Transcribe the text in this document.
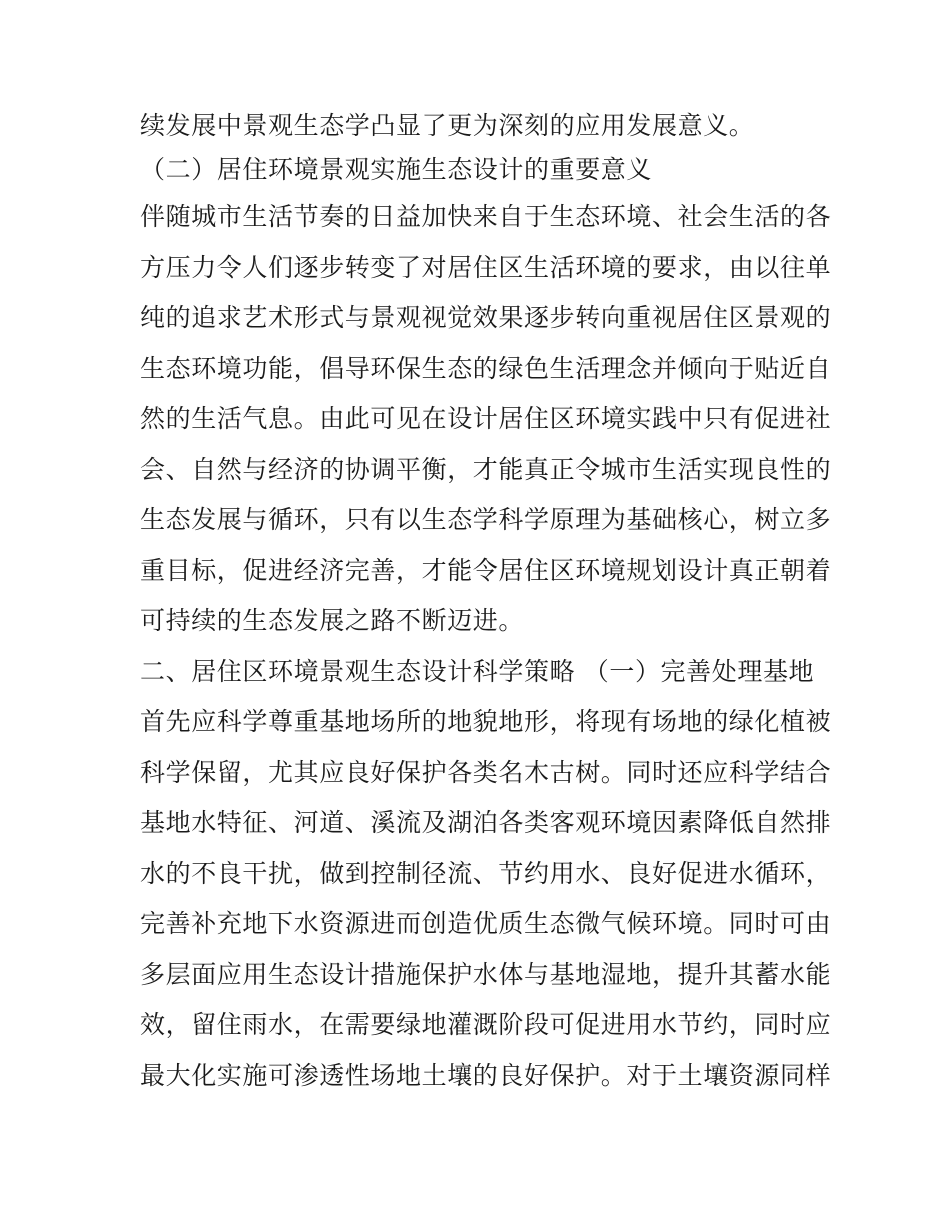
续发展中景观生态学凸显了更为深刻的应用发展意义。
（二）居住环境景观实施生态设计的重要意义
伴随城市生活节奏的日益加快来自于生态环境、社会生活的各
方压力令人们逐步转变了对居住区生活环境的要求，由以往单
纯的追求艺术形式与景观视觉效果逐步转向重视居住区景观的
生态环境功能，倡导环保生态的绿色生活理念并倾向于贴近自
然的生活气息。由此可见在设计居住区环境实践中只有促进社
会、自然与经济的协调平衡，才能真正令城市生活实现良性的
生态发展与循环，只有以生态学科学原理为基础核心，树立多
重目标，促进经济完善，才能令居住区环境规划设计真正朝着
可持续的生态发展之路不断迈进。
二、居住区环境景观生态设计科学策略 （一）完善处理基地
首先应科学尊重基地场所的地貌地形，将现有场地的绿化植被
科学保留，尤其应良好保护各类名木古树。同时还应科学结合
基地水特征、河道、溪流及湖泊各类客观环境因素降低自然排
水的不良干扰，做到控制径流、节约用水、良好促进水循环，
完善补充地下水资源进而创造优质生态微气候环境。同时可由
多层面应用生态设计措施保护水体与基地湿地，提升其蓄水能
效，留住雨水，在需要绿地灌溉阶段可促进用水节约，同时应
最大化实施可渗透性场地土壤的良好保护。对于土壤资源同样
